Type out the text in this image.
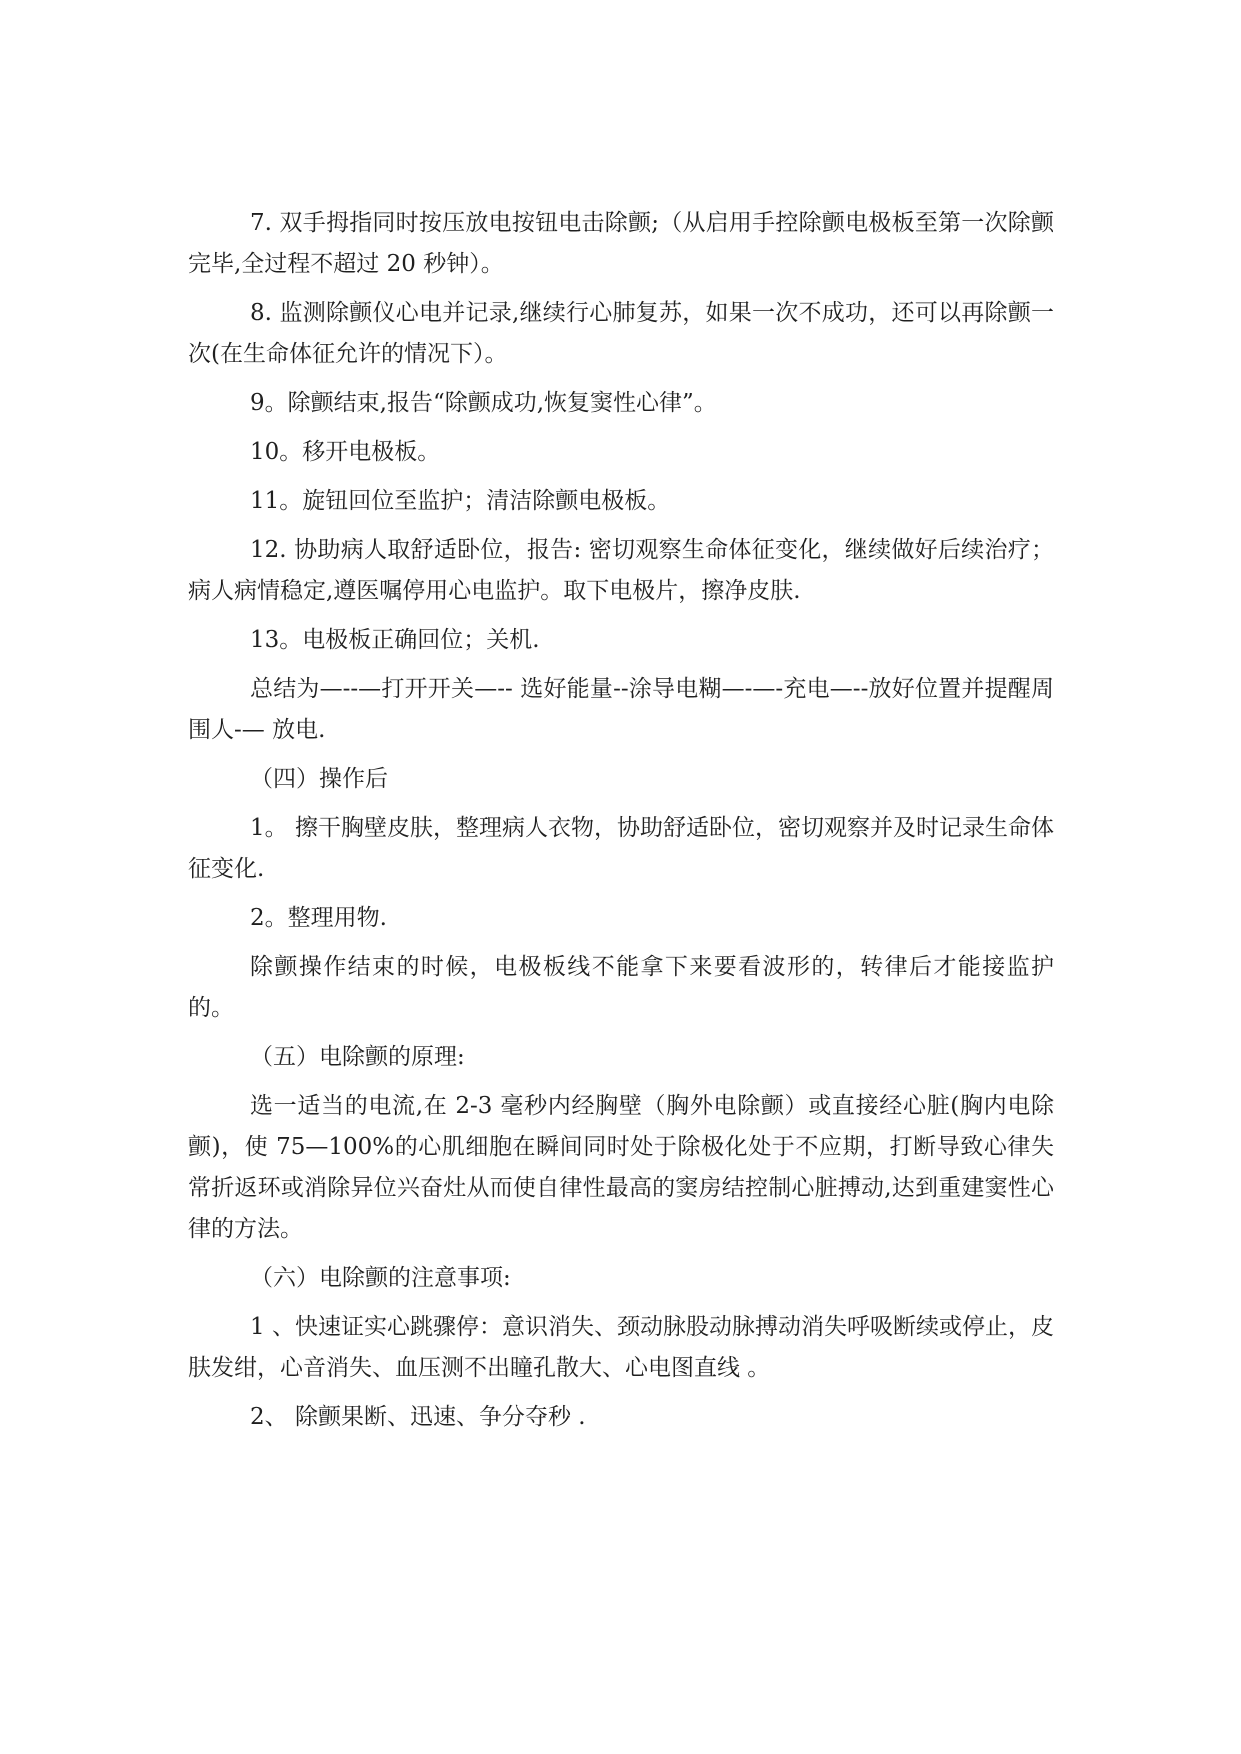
7. 双手拇指同时按压放电按钮电击除颤;（从启用手控除颤电极板至第一次除颤完毕,全过程不超过 20 秒钟）。

8. 监测除颤仪心电并记录,继续行心肺复苏，如果一次不成功，还可以再除颤一次(在生命体征允许的情况下）。

9。除颤结束,报告“除颤成功,恢复窦性心律”。

10。移开电极板。

11。旋钮回位至监护；清洁除颤电极板。

12. 协助病人取舒适卧位，报告: 密切观察生命体征变化，继续做好后续治疗；病人病情稳定,遵医嘱停用心电监护。取下电极片，擦净皮肤.

13。电极板正确回位；关机.

总结为—--—打开开关—-- 选好能量--涂导电糊—-—-充电—--放好位置并提醒周围人-— 放电.

（四）操作后

1。 擦干胸壁皮肤，整理病人衣物，协助舒适卧位，密切观察并及时记录生命体征变化.

2。整理用物.

除颤操作结束的时候，电极板线不能拿下来要看波形的，转律后才能接监护的。

（五）电除颤的原理:

选一适当的电流,在 2-3 毫秒内经胸壁（胸外电除颤）或直接经心脏(胸内电除颤)，使 75—100%的心肌细胞在瞬间同时处于除极化处于不应期，打断导致心律失常折返环或消除异位兴奋灶从而使自律性最高的窦房结控制心脏搏动,达到重建窦性心律的方法。

（六）电除颤的注意事项:

1 、快速证实心跳骤停：意识消失、颈动脉股动脉搏动消失呼吸断续或停止，皮肤发绀，心音消失、血压测不出瞳孔散大、心电图直线 。

2、 除颤果断、迅速、争分夺秒 .
